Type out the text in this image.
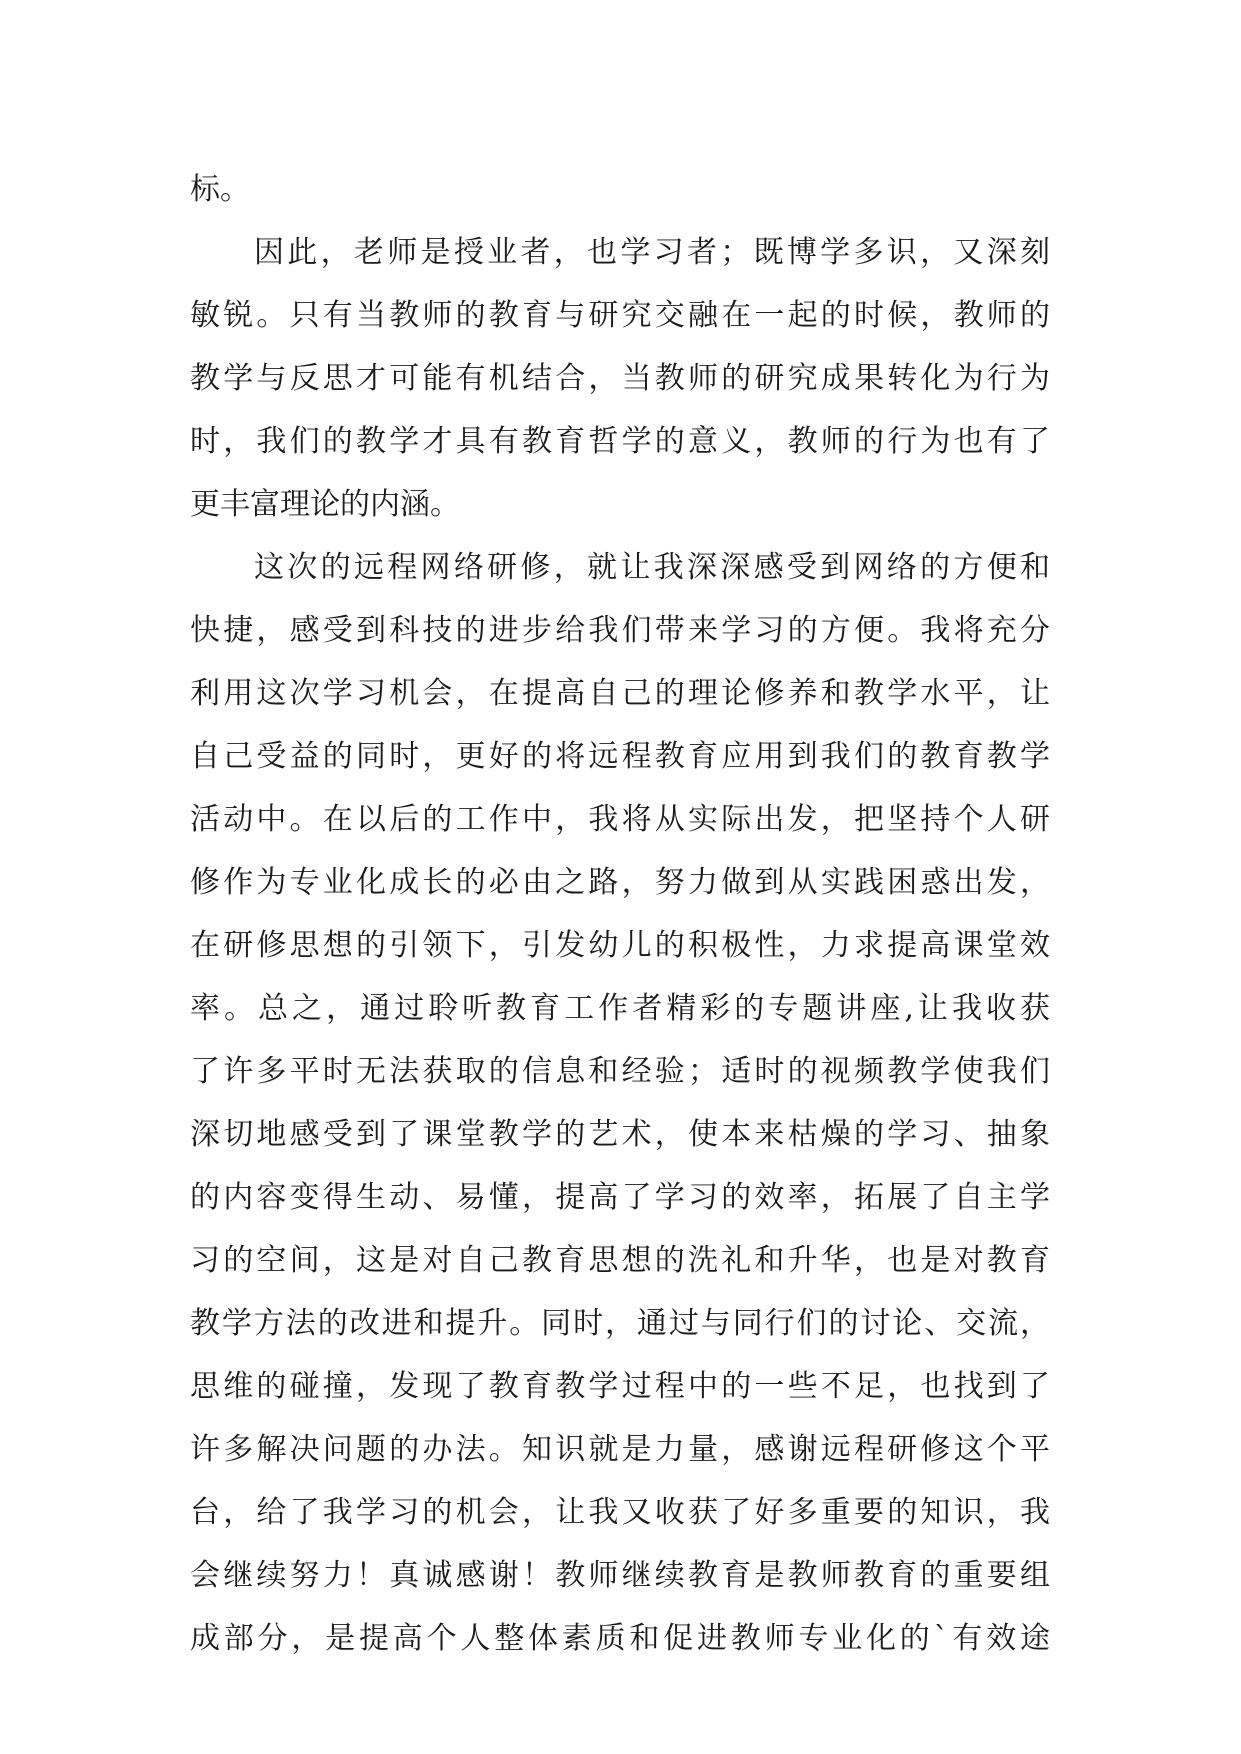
标。
因此，老师是授业者，也学习者；既博学多识，又深刻
敏锐。只有当教师的教育与研究交融在一起的时候，教师的
教学与反思才可能有机结合，当教师的研究成果转化为行为
时，我们的教学才具有教育哲学的意义，教师的行为也有了
更丰富理论的内涵。
这次的远程网络研修，就让我深深感受到网络的方便和
快捷，感受到科技的进步给我们带来学习的方便。我将充分
利用这次学习机会，在提高自己的理论修养和教学水平，让
自己受益的同时，更好的将远程教育应用到我们的教育教学
活动中。在以后的工作中，我将从实际出发，把坚持个人研
修作为专业化成长的必由之路，努力做到从实践困惑出发，
在研修思想的引领下，引发幼儿的积极性，力求提高课堂效
率。总之，通过聆听教育工作者精彩的专题讲座,让我收获
了许多平时无法获取的信息和经验；适时的视频教学使我们
深切地感受到了课堂教学的艺术，使本来枯燥的学习、抽象
的内容变得生动、易懂，提高了学习的效率，拓展了自主学
习的空间，这是对自己教育思想的洗礼和升华，也是对教育
教学方法的改进和提升。同时，通过与同行们的讨论、交流，
思维的碰撞，发现了教育教学过程中的一些不足，也找到了
许多解决问题的办法。知识就是力量，感谢远程研修这个平
台，给了我学习的机会，让我又收获了好多重要的知识，我
会继续努力！真诚感谢！教师继续教育是教师教育的重要组
成部分，是提高个人整体素质和促进教师专业化的`有效途
